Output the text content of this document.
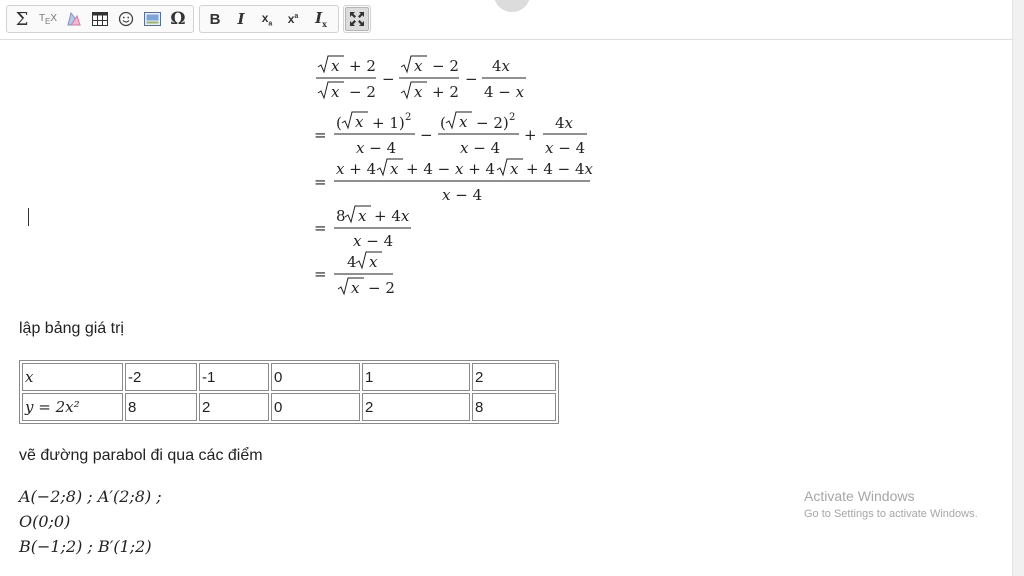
Σ $T_EX$	Ω B I $x_a$ $x^a$ $I_x$
x + 2
x − 2
−
x − 2
x + 2
−
4x
4 − x
=
( x + 1) 2
x − 4
−
( x − 2) 2
x − 4
+
4x
x − 4
=
x + 4 x + 4 − x + 4 x + 4 − 4x
x − 4
=
8 x + 4x
x − 4
=
4 x
x − 2
lập bảng giá trị
x	-2	-1	0	1	2
y = 2x²	8	2	0	2	8
vẽ đường parabol đi qua các điểm
A(−2;8) ; A′(2;8) ;
O(0;0)
B(−1;2) ; B′(1;2)
Activate Windows
Go to Settings to activate Windows.
